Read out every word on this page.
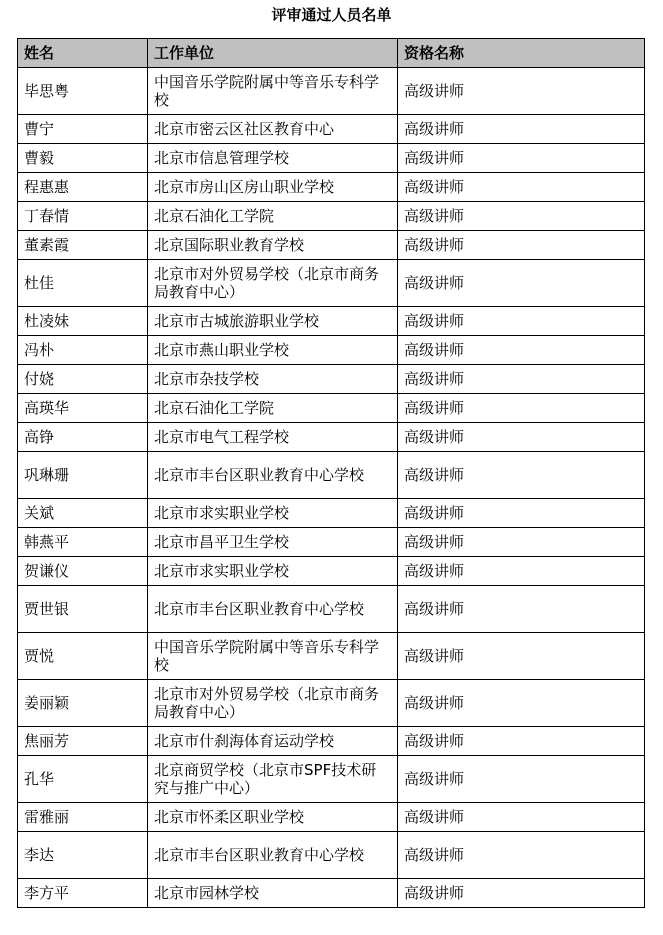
评审通过人员名单
姓名	工作单位	资格名称
毕思粤	中国音乐学院附属中等音乐专科学校	高级讲师
曹宁	北京市密云区社区教育中心	高级讲师
曹毅	北京市信息管理学校	高级讲师
程惠惠	北京市房山区房山职业学校	高级讲师
丁春情	北京石油化工学院	高级讲师
董素霞	北京国际职业教育学校	高级讲师
杜佳	北京市对外贸易学校（北京市商务局教育中心）	高级讲师
杜凌妹	北京市古城旅游职业学校	高级讲师
冯朴	北京市燕山职业学校	高级讲师
付娆	北京市杂技学校	高级讲师
高瑛华	北京石油化工学院	高级讲师
高铮	北京市电气工程学校	高级讲师
巩琳珊	北京市丰台区职业教育中心学校	高级讲师
关斌	北京市求实职业学校	高级讲师
韩燕平	北京市昌平卫生学校	高级讲师
贺谦仪	北京市求实职业学校	高级讲师
贾世银	北京市丰台区职业教育中心学校	高级讲师
贾悦	中国音乐学院附属中等音乐专科学校	高级讲师
姜丽颖	北京市对外贸易学校（北京市商务局教育中心）	高级讲师
焦丽芳	北京市什刹海体育运动学校	高级讲师
孔华	北京商贸学校（北京市SPF技术研究与推广中心）	高级讲师
雷雅丽	北京市怀柔区职业学校	高级讲师
李达	北京市丰台区职业教育中心学校	高级讲师
李方平	北京市园林学校	高级讲师
